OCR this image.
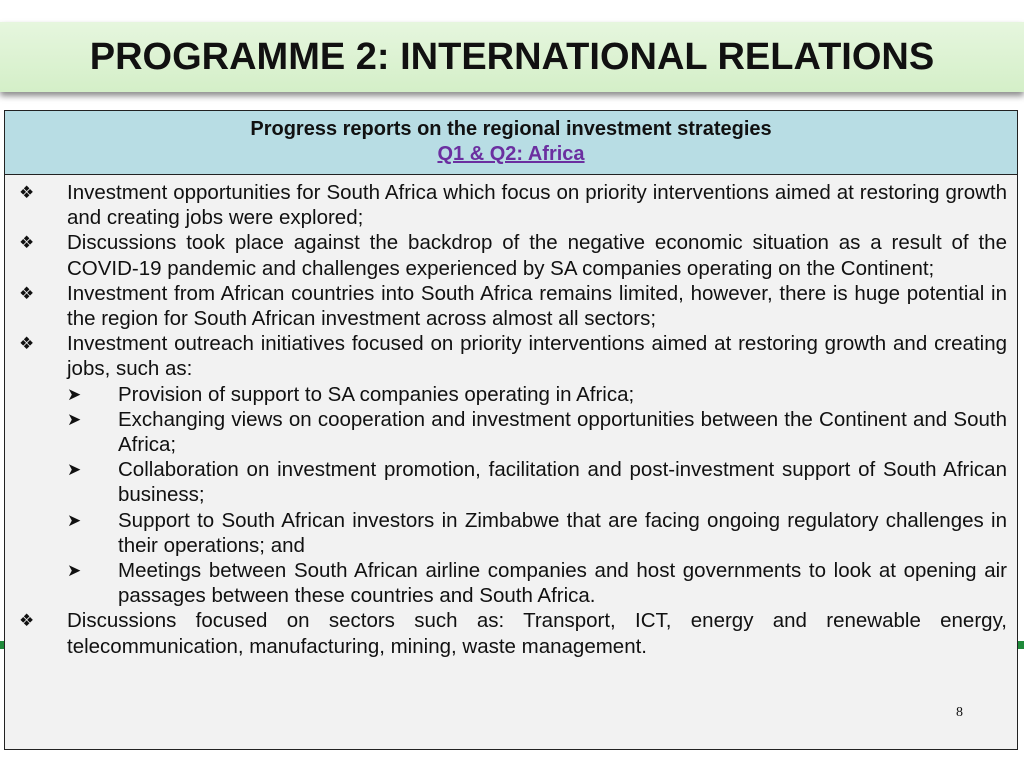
PROGRAMME 2: INTERNATIONAL RELATIONS
Progress reports on the regional investment strategies
Q1 & Q2: Africa
❖	Investment opportunities for South Africa which focus on priority interventions aimed at restoring growth and creating jobs were explored;
❖	Discussions took place against the backdrop of the negative economic situation as a result of the COVID-19 pandemic and challenges experienced by SA companies operating on the Continent;
❖	Investment from African countries into South Africa remains limited, however, there is huge potential in the region for South African investment across almost all sectors;
❖	Investment outreach initiatives focused on priority interventions aimed at restoring growth and creating jobs, such as:
➤	Provision of support to SA companies operating in Africa;
➤	Exchanging views on cooperation and investment opportunities between the Continent and South Africa;
➤	Collaboration on investment promotion, facilitation and post-investment support of South African business;
➤	Support to South African investors in Zimbabwe that are facing ongoing regulatory challenges in their operations; and
➤	Meetings between South African airline companies and host governments to look at opening air passages between these countries and South Africa.
❖	Discussions focused on sectors such as: Transport, ICT, energy and renewable energy, telecommunication, manufacturing, mining, waste management.
8
